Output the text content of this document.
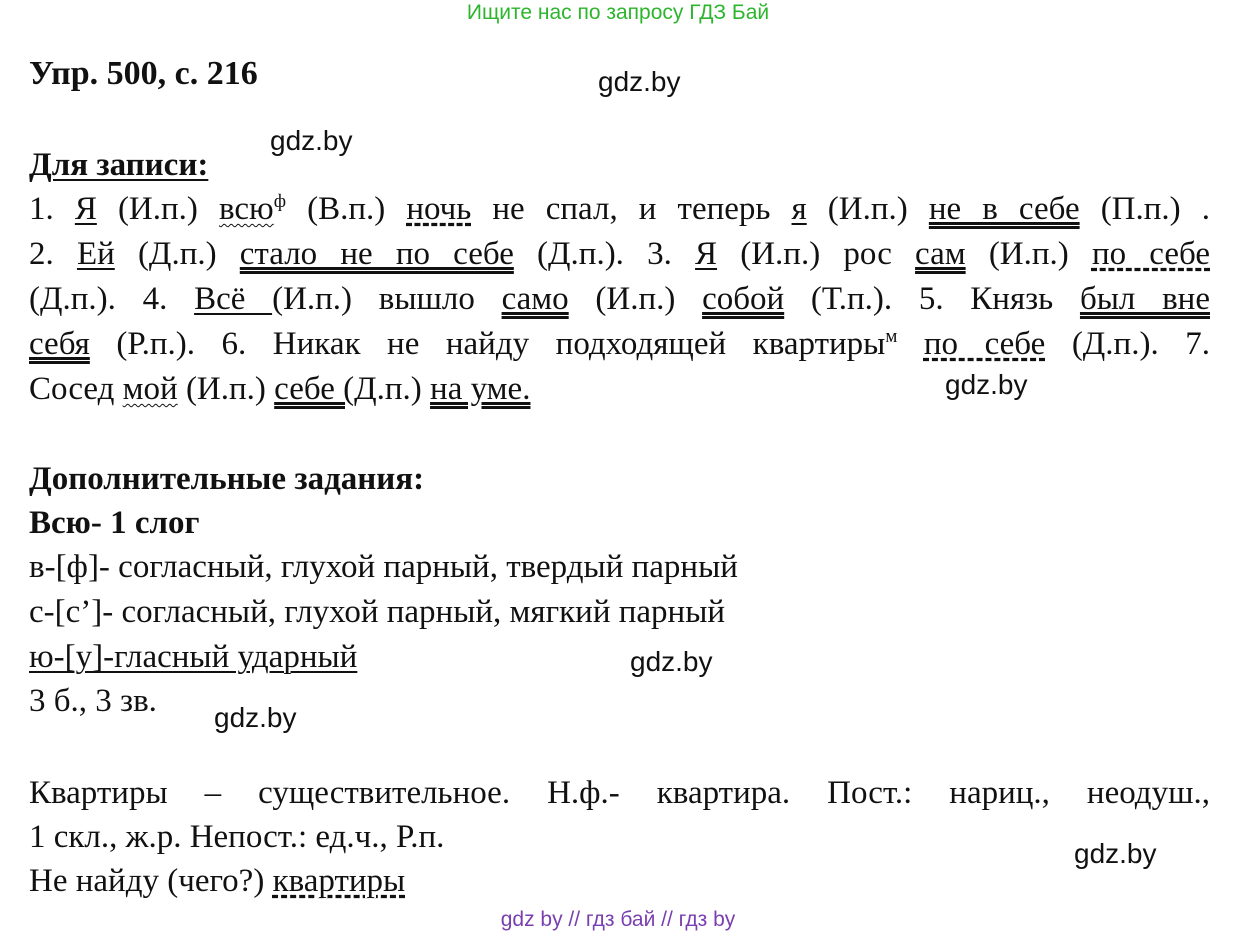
Ищите нас по запросу ГДЗ Бай
Упр. 500, с. 216	gdz.by
gdz.by
gdz.by
gdz.by
gdz.by
gdz.by
Для записи:
1. Я (И.п.) всю$^ф$ (В.п.) ночь не спал, и теперь я (И.п.) не в себе (П.п.) .
2. Ей (Д.п.) стало не по себе (Д.п.). 3. Я (И.п.) рос сам (И.п.) по себе
(Д.п.). 4. Всё (И.п.) вышло само (И.п.) собой (Т.п.). 5. Князь был вне
себя (Р.п.). 6. Никак не найду подходящей квартиры$^м$ по себе (Д.п.). 7.
Сосед мой (И.п.) себе (Д.п.) на уме.
Дополнительные задания:
Всю- 1 слог
в-[ф]- согласный, глухой парный, твердый парный
с-[с’]- согласный, глухой парный, мягкий парный
ю-[у]-гласный ударный
3 б., 3 зв.
Квартиры – существительное. Н.ф.- квартира. Пост.: нариц., неодуш.,
1 скл., ж.р. Непост.: ед.ч., Р.п.
Не найду (чего?) квартиры
gdz by // гдз бай // гдз by
